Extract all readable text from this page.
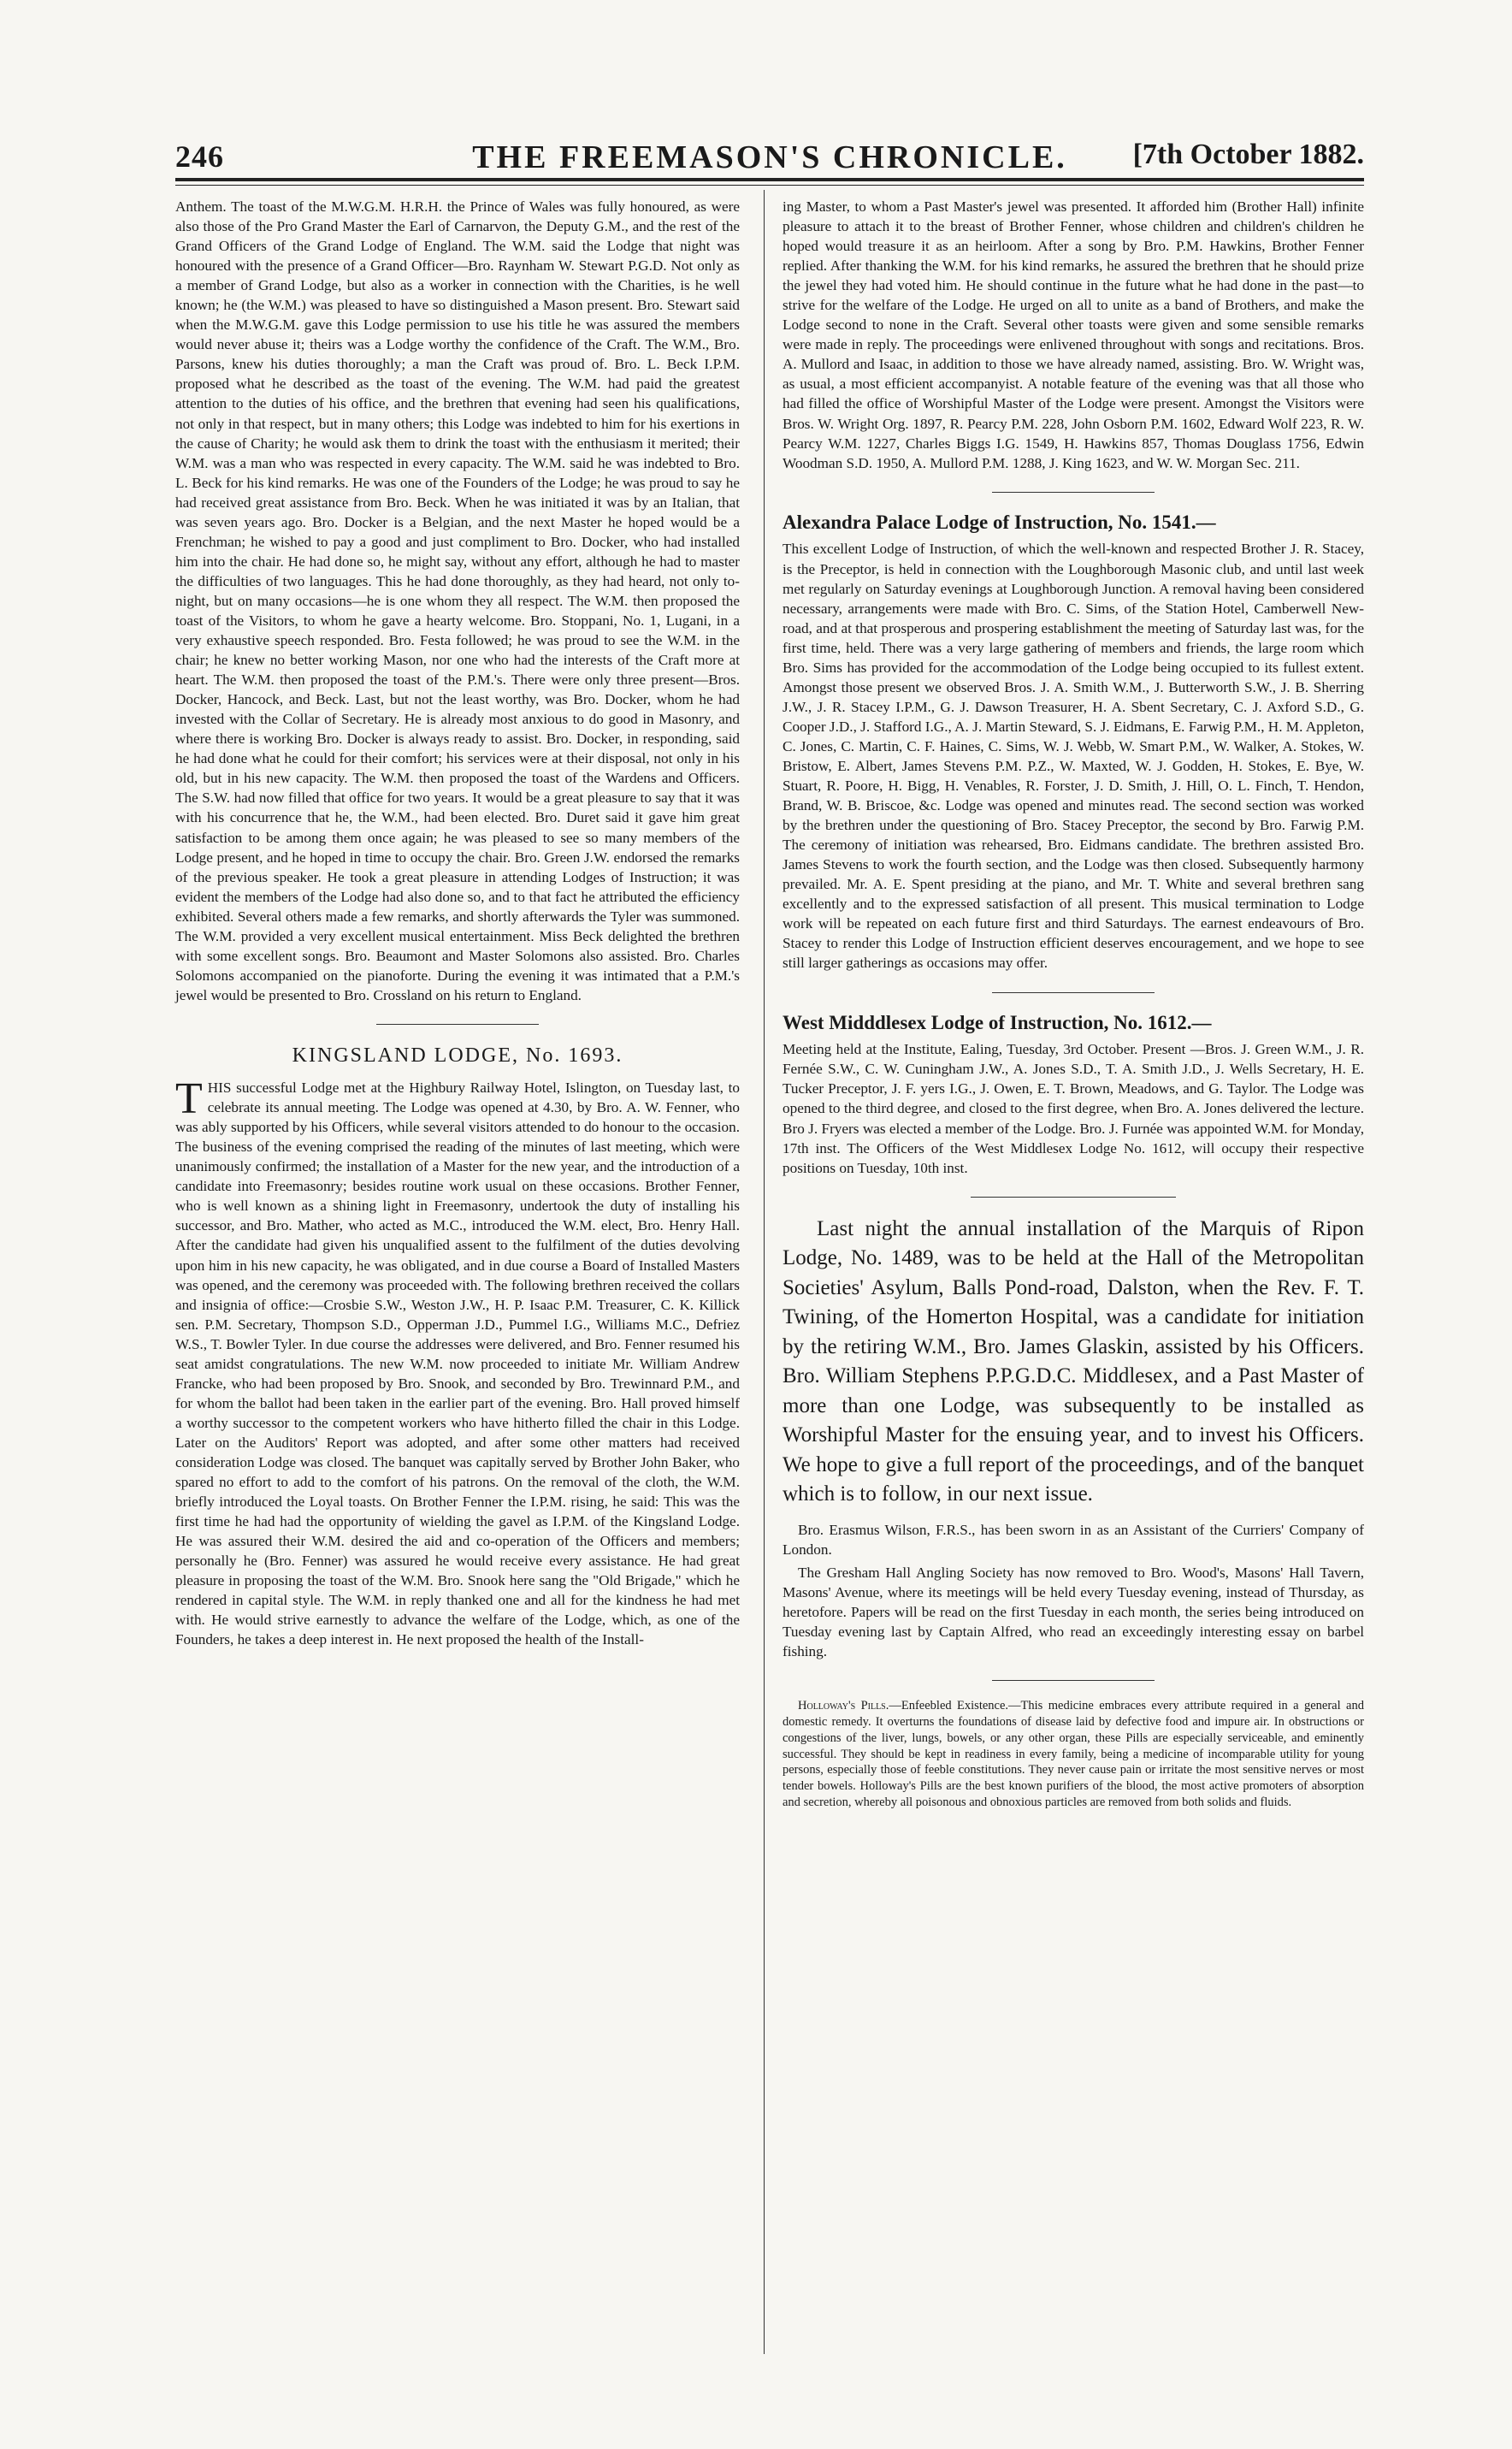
246	THE FREEMASON'S CHRONICLE.	[7th October 1882.

Anthem. The toast of the M.W.G.M. H.R.H. the Prince of Wales was fully honoured, as were also those of the Pro Grand Master the Earl of Carnarvon, the Deputy G.M., and the rest of the Grand Officers of the Grand Lodge of England. The W.M. said the Lodge that night was honoured with the presence of a Grand Officer—Bro. Raynham W. Stewart P.G.D. Not only as a member of Grand Lodge, but also as a worker in connection with the Charities, is he well known; he (the W.M.) was pleased to have so distinguished a Mason present. Bro. Stewart said when the M.W.G.M. gave this Lodge permission to use his title he was assured the members would never abuse it; theirs was a Lodge worthy the confidence of the Craft. The W.M., Bro. Parsons, knew his duties thoroughly; a man the Craft was proud of. Bro. L. Beck I.P.M. proposed what he described as the toast of the evening. The W.M. had paid the greatest attention to the duties of his office, and the brethren that evening had seen his qualifications, not only in that respect, but in many others; this Lodge was indebted to him for his exertions in the cause of Charity; he would ask them to drink the toast with the enthusiasm it merited; their W.M. was a man who was respected in every capacity. The W.M. said he was indebted to Bro. L. Beck for his kind remarks. He was one of the Founders of the Lodge; he was proud to say he had received great assistance from Bro. Beck. When he was initiated it was by an Italian, that was seven years ago. Bro. Docker is a Belgian, and the next Master he hoped would be a Frenchman; he wished to pay a good and just compliment to Bro. Docker, who had installed him into the chair. He had done so, he might say, without any effort, although he had to master the difficulties of two languages. This he had done thoroughly, as they had heard, not only to-night, but on many occasions—he is one whom they all respect. The W.M. then proposed the toast of the Visitors, to whom he gave a hearty welcome. Bro. Stoppani, No. 1, Lugani, in a very exhaustive speech responded. Bro. Festa followed; he was proud to see the W.M. in the chair; he knew no better working Mason, nor one who had the interests of the Craft more at heart. The W.M. then proposed the toast of the P.M.'s. There were only three present—Bros. Docker, Hancock, and Beck. Last, but not the least worthy, was Bro. Docker, whom he had invested with the Collar of Secretary. He is already most anxious to do good in Masonry, and where there is working Bro. Docker is always ready to assist. Bro. Docker, in responding, said he had done what he could for their comfort; his services were at their disposal, not only in his old, but in his new capacity. The W.M. then proposed the toast of the Wardens and Officers. The S.W. had now filled that office for two years. It would be a great pleasure to say that it was with his concurrence that he, the W.M., had been elected. Bro. Duret said it gave him great satisfaction to be among them once again; he was pleased to see so many members of the Lodge present, and he hoped in time to occupy the chair. Bro. Green J.W. endorsed the remarks of the previous speaker. He took a great pleasure in attending Lodges of Instruction; it was evident the members of the Lodge had also done so, and to that fact he attributed the efficiency exhibited. Several others made a few remarks, and shortly afterwards the Tyler was summoned. The W.M. provided a very excellent musical entertainment. Miss Beck delighted the brethren with some excellent songs. Bro. Beaumont and Master Solomons also assisted. Bro. Charles Solomons accompanied on the pianoforte. During the evening it was intimated that a P.M.'s jewel would be presented to Bro. Crossland on his return to England.

KINGSLAND LODGE, No. 1693.

THIS successful Lodge met at the Highbury Railway Hotel, Islington, on Tuesday last, to celebrate its annual meeting. The Lodge was opened at 4.30, by Bro. A. W. Fenner, who was ably supported by his Officers, while several visitors attended to do honour to the occasion. The business of the evening comprised the reading of the minutes of last meeting, which were unanimously confirmed; the installation of a Master for the new year, and the introduction of a candidate into Freemasonry; besides routine work usual on these occasions. Brother Fenner, who is well known as a shining light in Freemasonry, undertook the duty of installing his successor, and Bro. Mather, who acted as M.C., introduced the W.M. elect, Bro. Henry Hall. After the candidate had given his unqualified assent to the fulfilment of the duties devolving upon him in his new capacity, he was obligated, and in due course a Board of Installed Masters was opened, and the ceremony was proceeded with. The following brethren received the collars and insignia of office:—Crosbie S.W., Weston J.W., H. P. Isaac P.M. Treasurer, C. K. Killick sen. P.M. Secretary, Thompson S.D., Opperman J.D., Pummel I.G., Williams M.C., Defriez W.S., T. Bowler Tyler. In due course the addresses were delivered, and Bro. Fenner resumed his seat amidst congratulations. The new W.M. now proceeded to initiate Mr. William Andrew Francke, who had been proposed by Bro. Snook, and seconded by Bro. Trewinnard P.M., and for whom the ballot had been taken in the earlier part of the evening. Bro. Hall proved himself a worthy successor to the competent workers who have hitherto filled the chair in this Lodge. Later on the Auditors' Report was adopted, and after some other matters had received consideration Lodge was closed. The banquet was capitally served by Brother John Baker, who spared no effort to add to the comfort of his patrons. On the removal of the cloth, the W.M. briefly introduced the Loyal toasts. On Brother Fenner the I.P.M. rising, he said: This was the first time he had had the opportunity of wielding the gavel as I.P.M. of the Kingsland Lodge. He was assured their W.M. desired the aid and co-operation of the Officers and members; personally he (Bro. Fenner) was assured he would receive every assistance. He had great pleasure in proposing the toast of the W.M. Bro. Snook here sang the "Old Brigade," which he rendered in capital style. The W.M. in reply thanked one and all for the kindness he had met with. He would strive earnestly to advance the welfare of the Lodge, which, as one of the Founders, he takes a deep interest in. He next proposed the health of the Install-

ing Master, to whom a Past Master's jewel was presented. It afforded him (Brother Hall) infinite pleasure to attach it to the breast of Brother Fenner, whose children and children's children he hoped would treasure it as an heirloom. After a song by Bro. P.M. Hawkins, Brother Fenner replied. After thanking the W.M. for his kind remarks, he assured the brethren that he should prize the jewel they had voted him. He should continue in the future what he had done in the past—to strive for the welfare of the Lodge. He urged on all to unite as a band of Brothers, and make the Lodge second to none in the Craft. Several other toasts were given and some sensible remarks were made in reply. The proceedings were enlivened throughout with songs and recitations. Bros. A. Mullord and Isaac, in addition to those we have already named, assisting. Bro. W. Wright was, as usual, a most efficient accompanyist. A notable feature of the evening was that all those who had filled the office of Worshipful Master of the Lodge were present. Amongst the Visitors were Bros. W. Wright Org. 1897, R. Pearcy P.M. 228, John Osborn P.M. 1602, Edward Wolf 223, R. W. Pearcy W.M. 1227, Charles Biggs I.G. 1549, H. Hawkins 857, Thomas Douglass 1756, Edwin Woodman S.D. 1950, A. Mullord P.M. 1288, J. King 1623, and W. W. Morgan Sec. 211.

Alexandra Palace Lodge of Instruction, No. 1541.—

This excellent Lodge of Instruction, of which the well-known and respected Brother J. R. Stacey, is the Preceptor, is held in connection with the Loughborough Masonic club, and until last week met regularly on Saturday evenings at Loughborough Junction. A removal having been considered necessary, arrangements were made with Bro. C. Sims, of the Station Hotel, Camberwell New-road, and at that prosperous and prospering establishment the meeting of Saturday last was, for the first time, held. There was a very large gathering of members and friends, the large room which Bro. Sims has provided for the accommodation of the Lodge being occupied to its fullest extent. Amongst those present we observed Bros. J. A. Smith W.M., J. Butterworth S.W., J. B. Sherring J.W., J. R. Stacey I.P.M., G. J. Dawson Treasurer, H. A. Sbent Secretary, C. J. Axford S.D., G. Cooper J.D., J. Stafford I.G., A. J. Martin Steward, S. J. Eidmans, E. Farwig P.M., H. M. Appleton, C. Jones, C. Martin, C. F. Haines, C. Sims, W. J. Webb, W. Smart P.M., W. Walker, A. Stokes, W. Bristow, E. Albert, James Stevens P.M. P.Z., W. Maxted, W. J. Godden, H. Stokes, E. Bye, W. Stuart, R. Poore, H. Bigg, H. Venables, R. Forster, J. D. Smith, J. Hill, O. L. Finch, T. Hendon, Brand, W. B. Briscoe, &c. Lodge was opened and minutes read. The second section was worked by the brethren under the questioning of Bro. Stacey Preceptor, the second by Bro. Farwig P.M. The ceremony of initiation was rehearsed, Bro. Eidmans candidate. The brethren assisted Bro. James Stevens to work the fourth section, and the Lodge was then closed. Subsequently harmony prevailed. Mr. A. E. Spent presiding at the piano, and Mr. T. White and several brethren sang excellently and to the expressed satisfaction of all present. This musical termination to Lodge work will be repeated on each future first and third Saturdays. The earnest endeavours of Bro. Stacey to render this Lodge of Instruction efficient deserves encouragement, and we hope to see still larger gatherings as occasions may offer.

West Midddlesex Lodge of Instruction, No. 1612.—

Meeting held at the Institute, Ealing, Tuesday, 3rd October. Present —Bros. J. Green W.M., J. R. Fernée S.W., C. W. Cuningham J.W., A. Jones S.D., T. A. Smith J.D., J. Wells Secretary, H. E. Tucker Preceptor, J. F. yers I.G., J. Owen, E. T. Brown, Meadows, and G. Taylor. The Lodge was opened to the third degree, and closed to the first degree, when Bro. A. Jones delivered the lecture. Bro J. Fryers was elected a member of the Lodge. Bro. J. Furnée was appointed W.M. for Monday, 17th inst. The Officers of the West Middlesex Lodge No. 1612, will occupy their respective positions on Tuesday, 10th inst.

Last night the annual installation of the Marquis of Ripon Lodge, No. 1489, was to be held at the Hall of the Metropolitan Societies' Asylum, Balls Pond-road, Dalston, when the Rev. F. T. Twining, of the Homerton Hospital, was a candidate for initiation by the retiring W.M., Bro. James Glaskin, assisted by his Officers. Bro. William Stephens P.P.G.D.C. Middlesex, and a Past Master of more than one Lodge, was subsequently to be installed as Worshipful Master for the ensuing year, and to invest his Officers. We hope to give a full report of the proceedings, and of the banquet which is to follow, in our next issue.

Bro. Erasmus Wilson, F.R.S., has been sworn in as an Assistant of the Curriers' Company of London.

The Gresham Hall Angling Society has now removed to Bro. Wood's, Masons' Hall Tavern, Masons' Avenue, where its meetings will be held every Tuesday evening, instead of Thursday, as heretofore. Papers will be read on the first Tuesday in each month, the series being introduced on Tuesday evening last by Captain Alfred, who read an exceedingly interesting essay on barbel fishing.

Holloway's Pills.—Enfeebled Existence.—This medicine embraces every attribute required in a general and domestic remedy. It overturns the foundations of disease laid by defective food and impure air. In obstructions or congestions of the liver, lungs, bowels, or any other organ, these Pills are especially serviceable, and eminently successful. They should be kept in readiness in every family, being a medicine of incomparable utility for young persons, especially those of feeble constitutions. They never cause pain or irritate the most sensitive nerves or most tender bowels. Holloway's Pills are the best known purifiers of the blood, the most active promoters of absorption and secretion, whereby all poisonous and obnoxious particles are removed from both solids and fluids.
